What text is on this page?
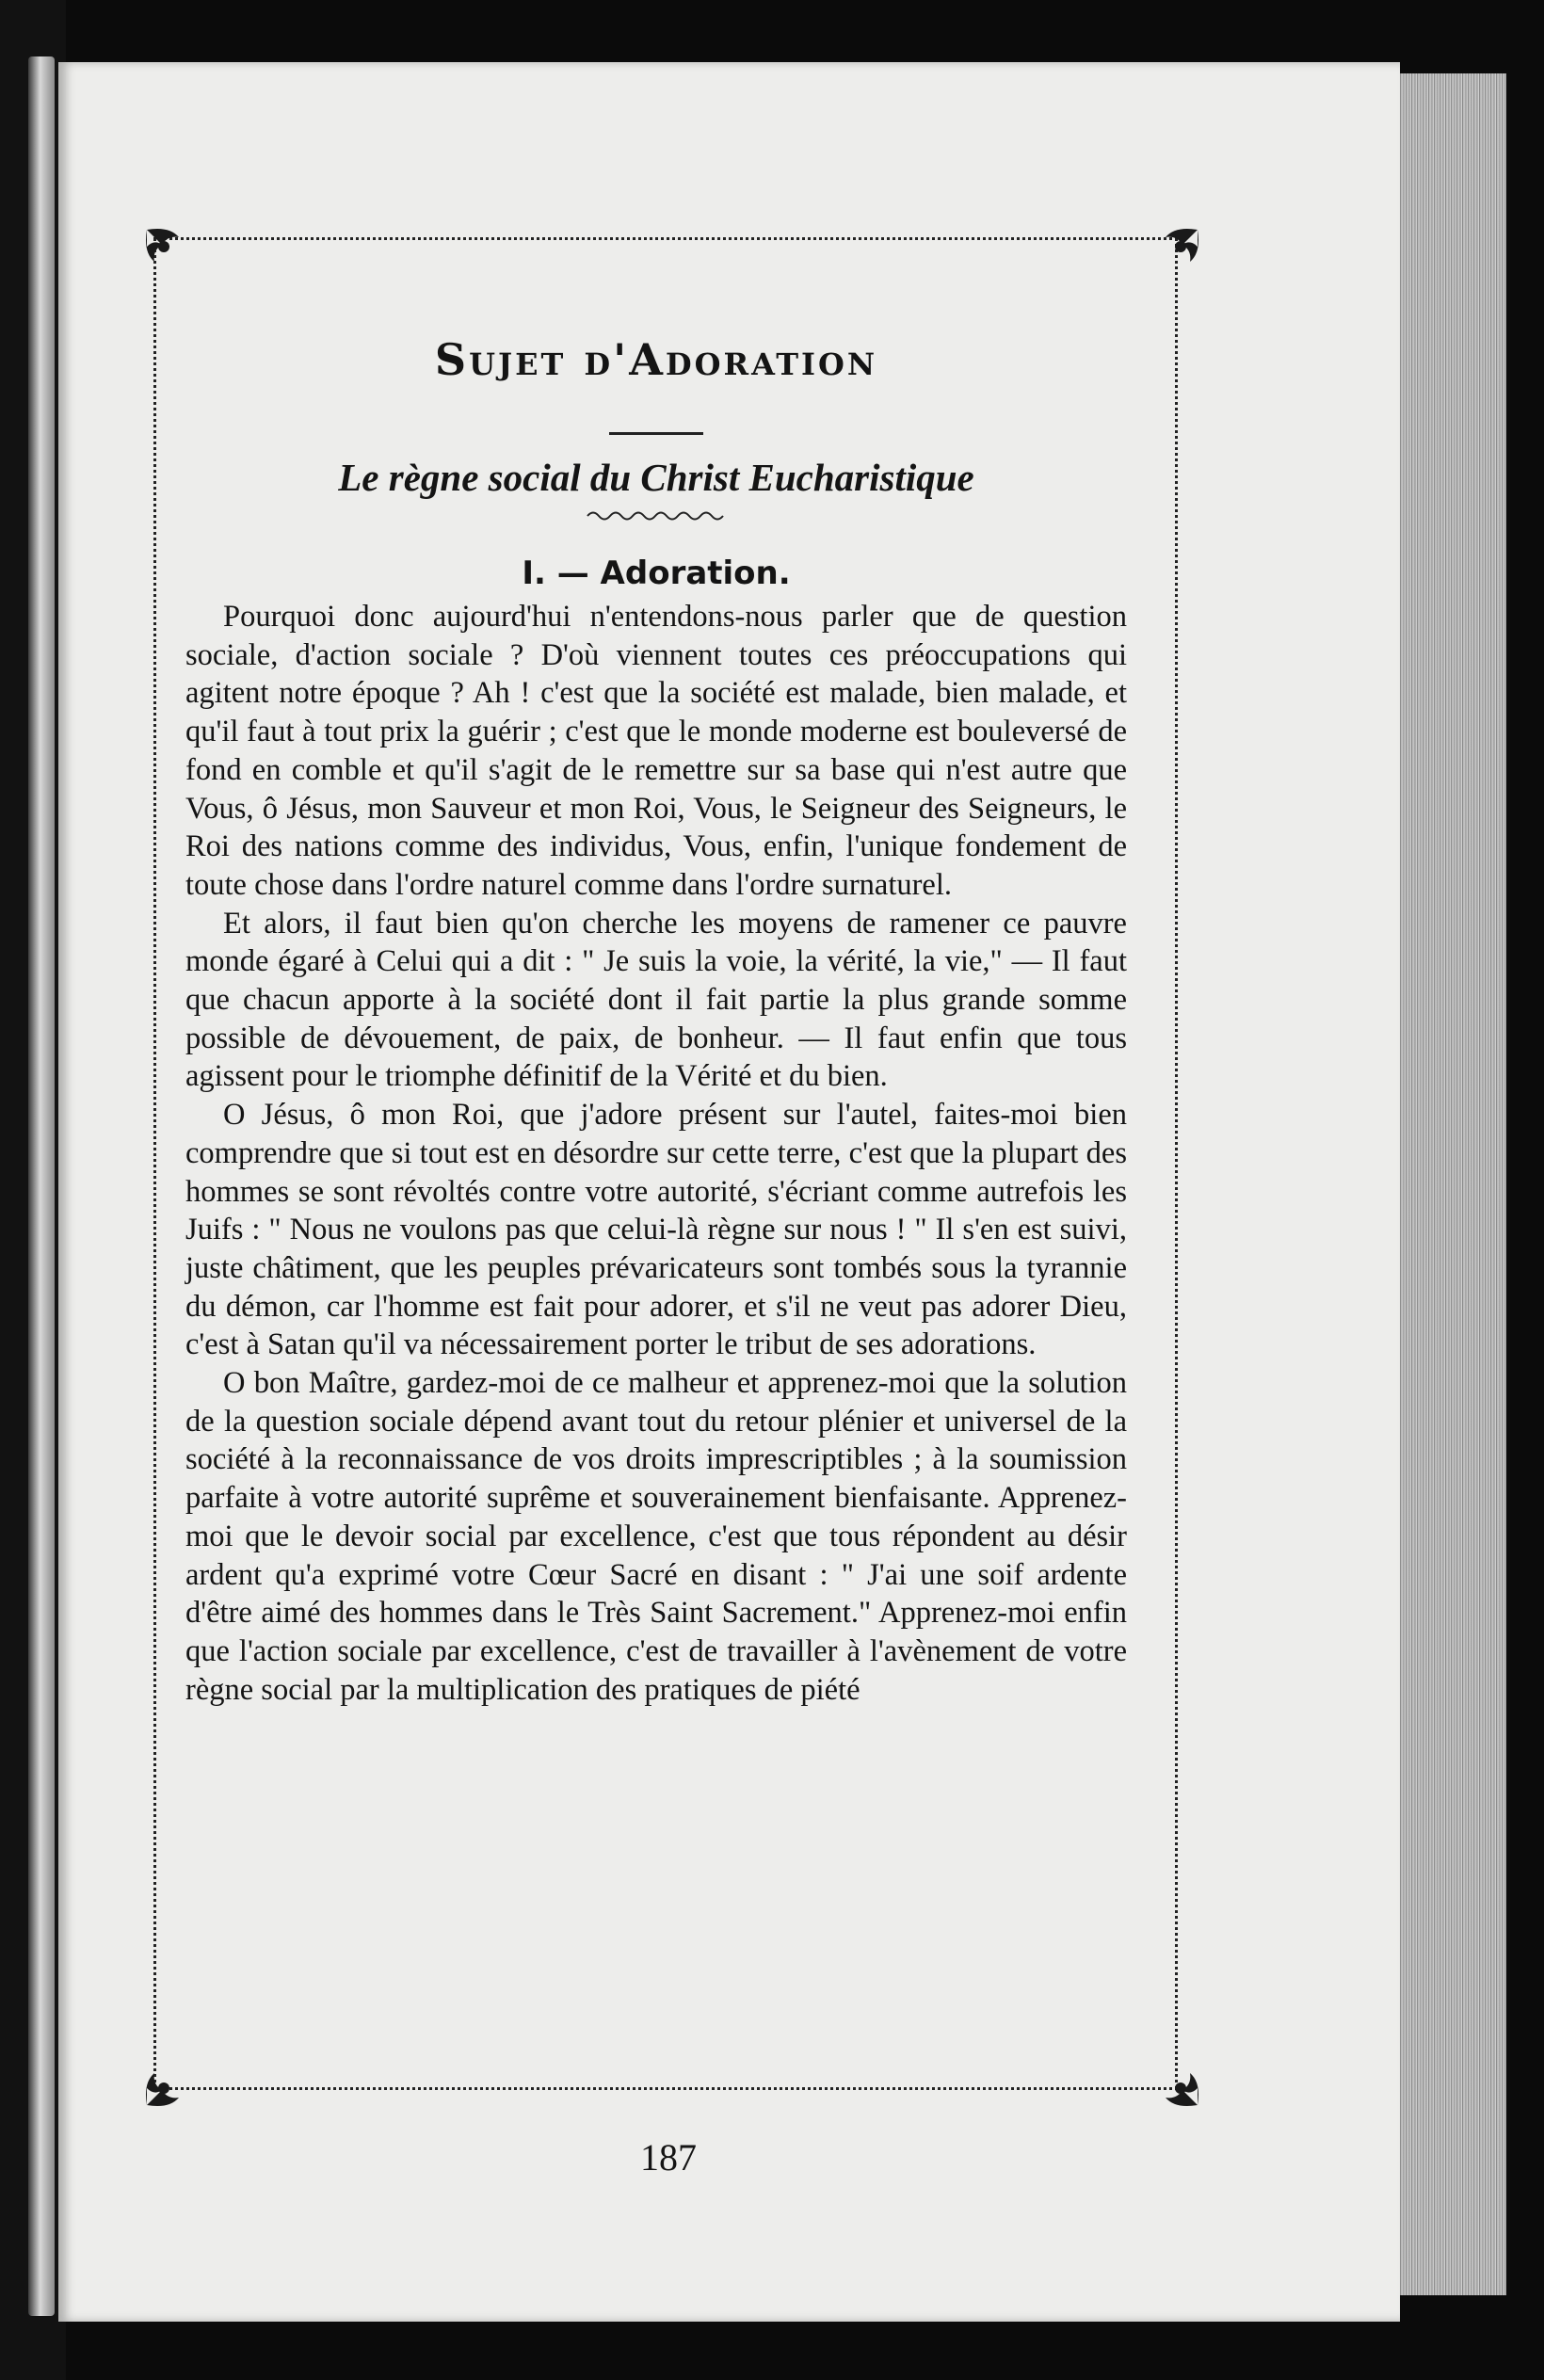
Sujet d'Adoration
Le règne social du Christ Eucharistique
I. — Adoration.

Pourquoi donc aujourd'hui n'entendons-nous parler que de question sociale, d'action sociale ? D'où viennent toutes ces préoccupations qui agitent notre époque ? Ah ! c'est que la société est malade, bien malade, et qu'il faut à tout prix la guérir ; c'est que le monde moderne est bouleversé de fond en comble et qu'il s'agit de le remettre sur sa base qui n'est autre que Vous, ô Jésus, mon Sauveur et mon Roi, Vous, le Seigneur des Seigneurs, le Roi des nations comme des individus, Vous, enfin, l'unique fondement de toute chose dans l'ordre naturel comme dans l'ordre surnaturel.

Et alors, il faut bien qu'on cherche les moyens de ramener ce pauvre monde égaré à Celui qui a dit : " Je suis la voie, la vérité, la vie," — Il faut que chacun apporte à la société dont il fait partie la plus grande somme possible de dévouement, de paix, de bonheur. — Il faut enfin que tous agissent pour le triomphe définitif de la Vérité et du bien.

O Jésus, ô mon Roi, que j'adore présent sur l'autel, faites-moi bien comprendre que si tout est en désordre sur cette terre, c'est que la plupart des hommes se sont révoltés contre votre autorité, s'écriant comme autrefois les Juifs : " Nous ne voulons pas que celui-là règne sur nous ! " Il s'en est suivi, juste châtiment, que les peuples prévaricateurs sont tombés sous la tyrannie du démon, car l'homme est fait pour adorer, et s'il ne veut pas adorer Dieu, c'est à Satan qu'il va nécessairement porter le tribut de ses adorations.

O bon Maître, gardez-moi de ce malheur et apprenez-moi que la solution de la question sociale dépend avant tout du retour plénier et universel de la société à la reconnaissance de vos droits imprescriptibles ; à la soumission parfaite à votre autorité suprême et souverainement bienfaisante. Apprenez-moi que le devoir social par excellence, c'est que tous répondent au désir ardent qu'a exprimé votre Cœur Sacré en disant : " J'ai une soif ardente d'être aimé des hommes dans le Très Saint Sacrement." Apprenez-moi enfin que l'action sociale par excellence, c'est de travailler à l'avènement de votre règne social par la multiplication des pratiques de piété

187
